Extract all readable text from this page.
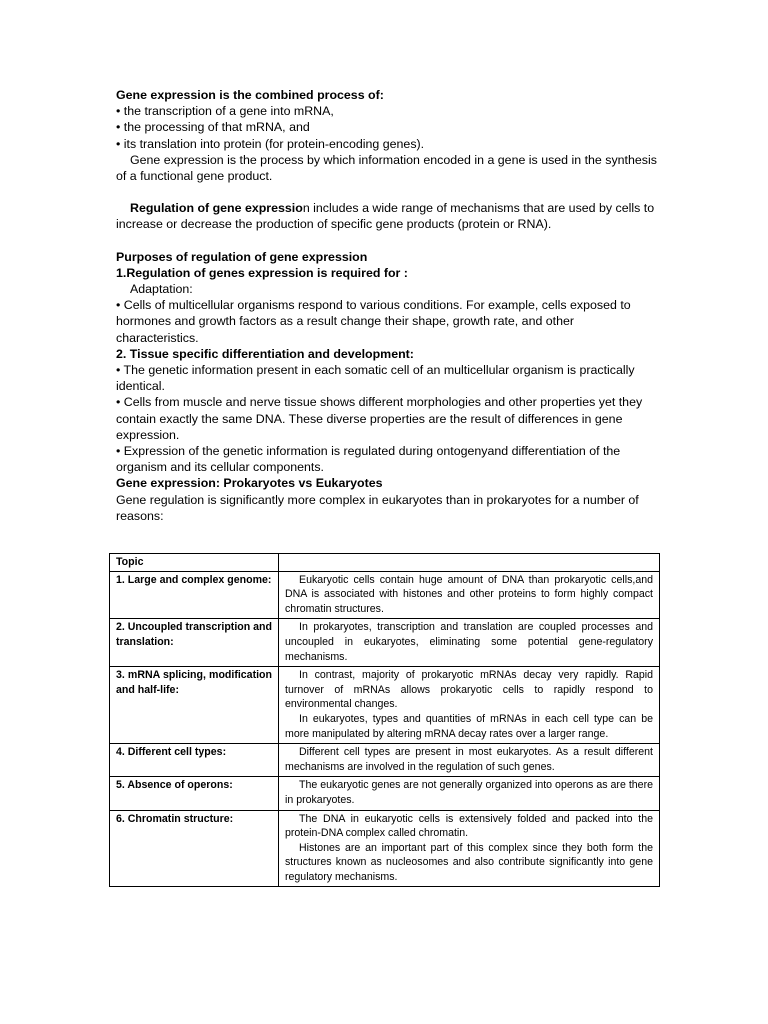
Gene expression is the combined process of:

• the transcription of a gene into mRNA,

• the processing of that mRNA, and

• its translation into protein (for protein-encoding genes).

Gene expression is the process by which information encoded in a gene is used in the synthesis of a functional gene product.

Regulation of gene expression includes a wide range of mechanisms that are used by cells to increase or decrease the production of specific gene products (protein or RNA).

Purposes of regulation of gene expression

1.Regulation of genes expression is required for :

Adaptation:

• Cells of multicellular organisms respond to various conditions. For example, cells exposed to hormones and growth factors as a result change their shape, growth rate, and other characteristics.

2. Tissue specific differentiation and development:

• The genetic information present in each somatic cell of an multicellular organism is practically identical.

• Cells from muscle and nerve tissue shows different morphologies and other properties yet they contain exactly the same DNA. These diverse properties are the result of differences in gene expression.

• Expression of the genetic information is regulated during ontogenyand differentiation of the organism and its cellular components.

Gene expression: Prokaryotes vs Eukaryotes

Gene regulation is significantly more complex in eukaryotes than in prokaryotes for a number of reasons:

Topic	
1. Large and complex genome:	Eukaryotic cells contain huge amount of DNA than prokaryotic cells,and DNA is associated with histones and other proteins to form highly compact chromatin structures.

2. Uncoupled transcription and translation:	In prokaryotes, transcription and translation are coupled processes and uncoupled in eukaryotes, eliminating some potential gene-regulatory mechanisms.

3. mRNA splicing, modification and half-life:	In contrast, majority of prokaryotic mRNAs decay very rapidly. Rapid turnover of mRNAs allows prokaryotic cells to rapidly respond to environmental changes.

In eukaryotes, types and quantities of mRNAs in each cell type can be more manipulated by altering mRNA decay rates over a larger range.

4. Different cell types:	Different cell types are present in most eukaryotes. As a result different mechanisms are involved in the regulation of such genes.

5. Absence of operons:	The eukaryotic genes are not generally organized into operons as are there in prokaryotes.

6. Chromatin structure:	The DNA in eukaryotic cells is extensively folded and packed into the protein-DNA complex called chromatin.

Histones are an important part of this complex since they both form the structures known as nucleosomes and also contribute significantly into gene regulatory mechanisms.
